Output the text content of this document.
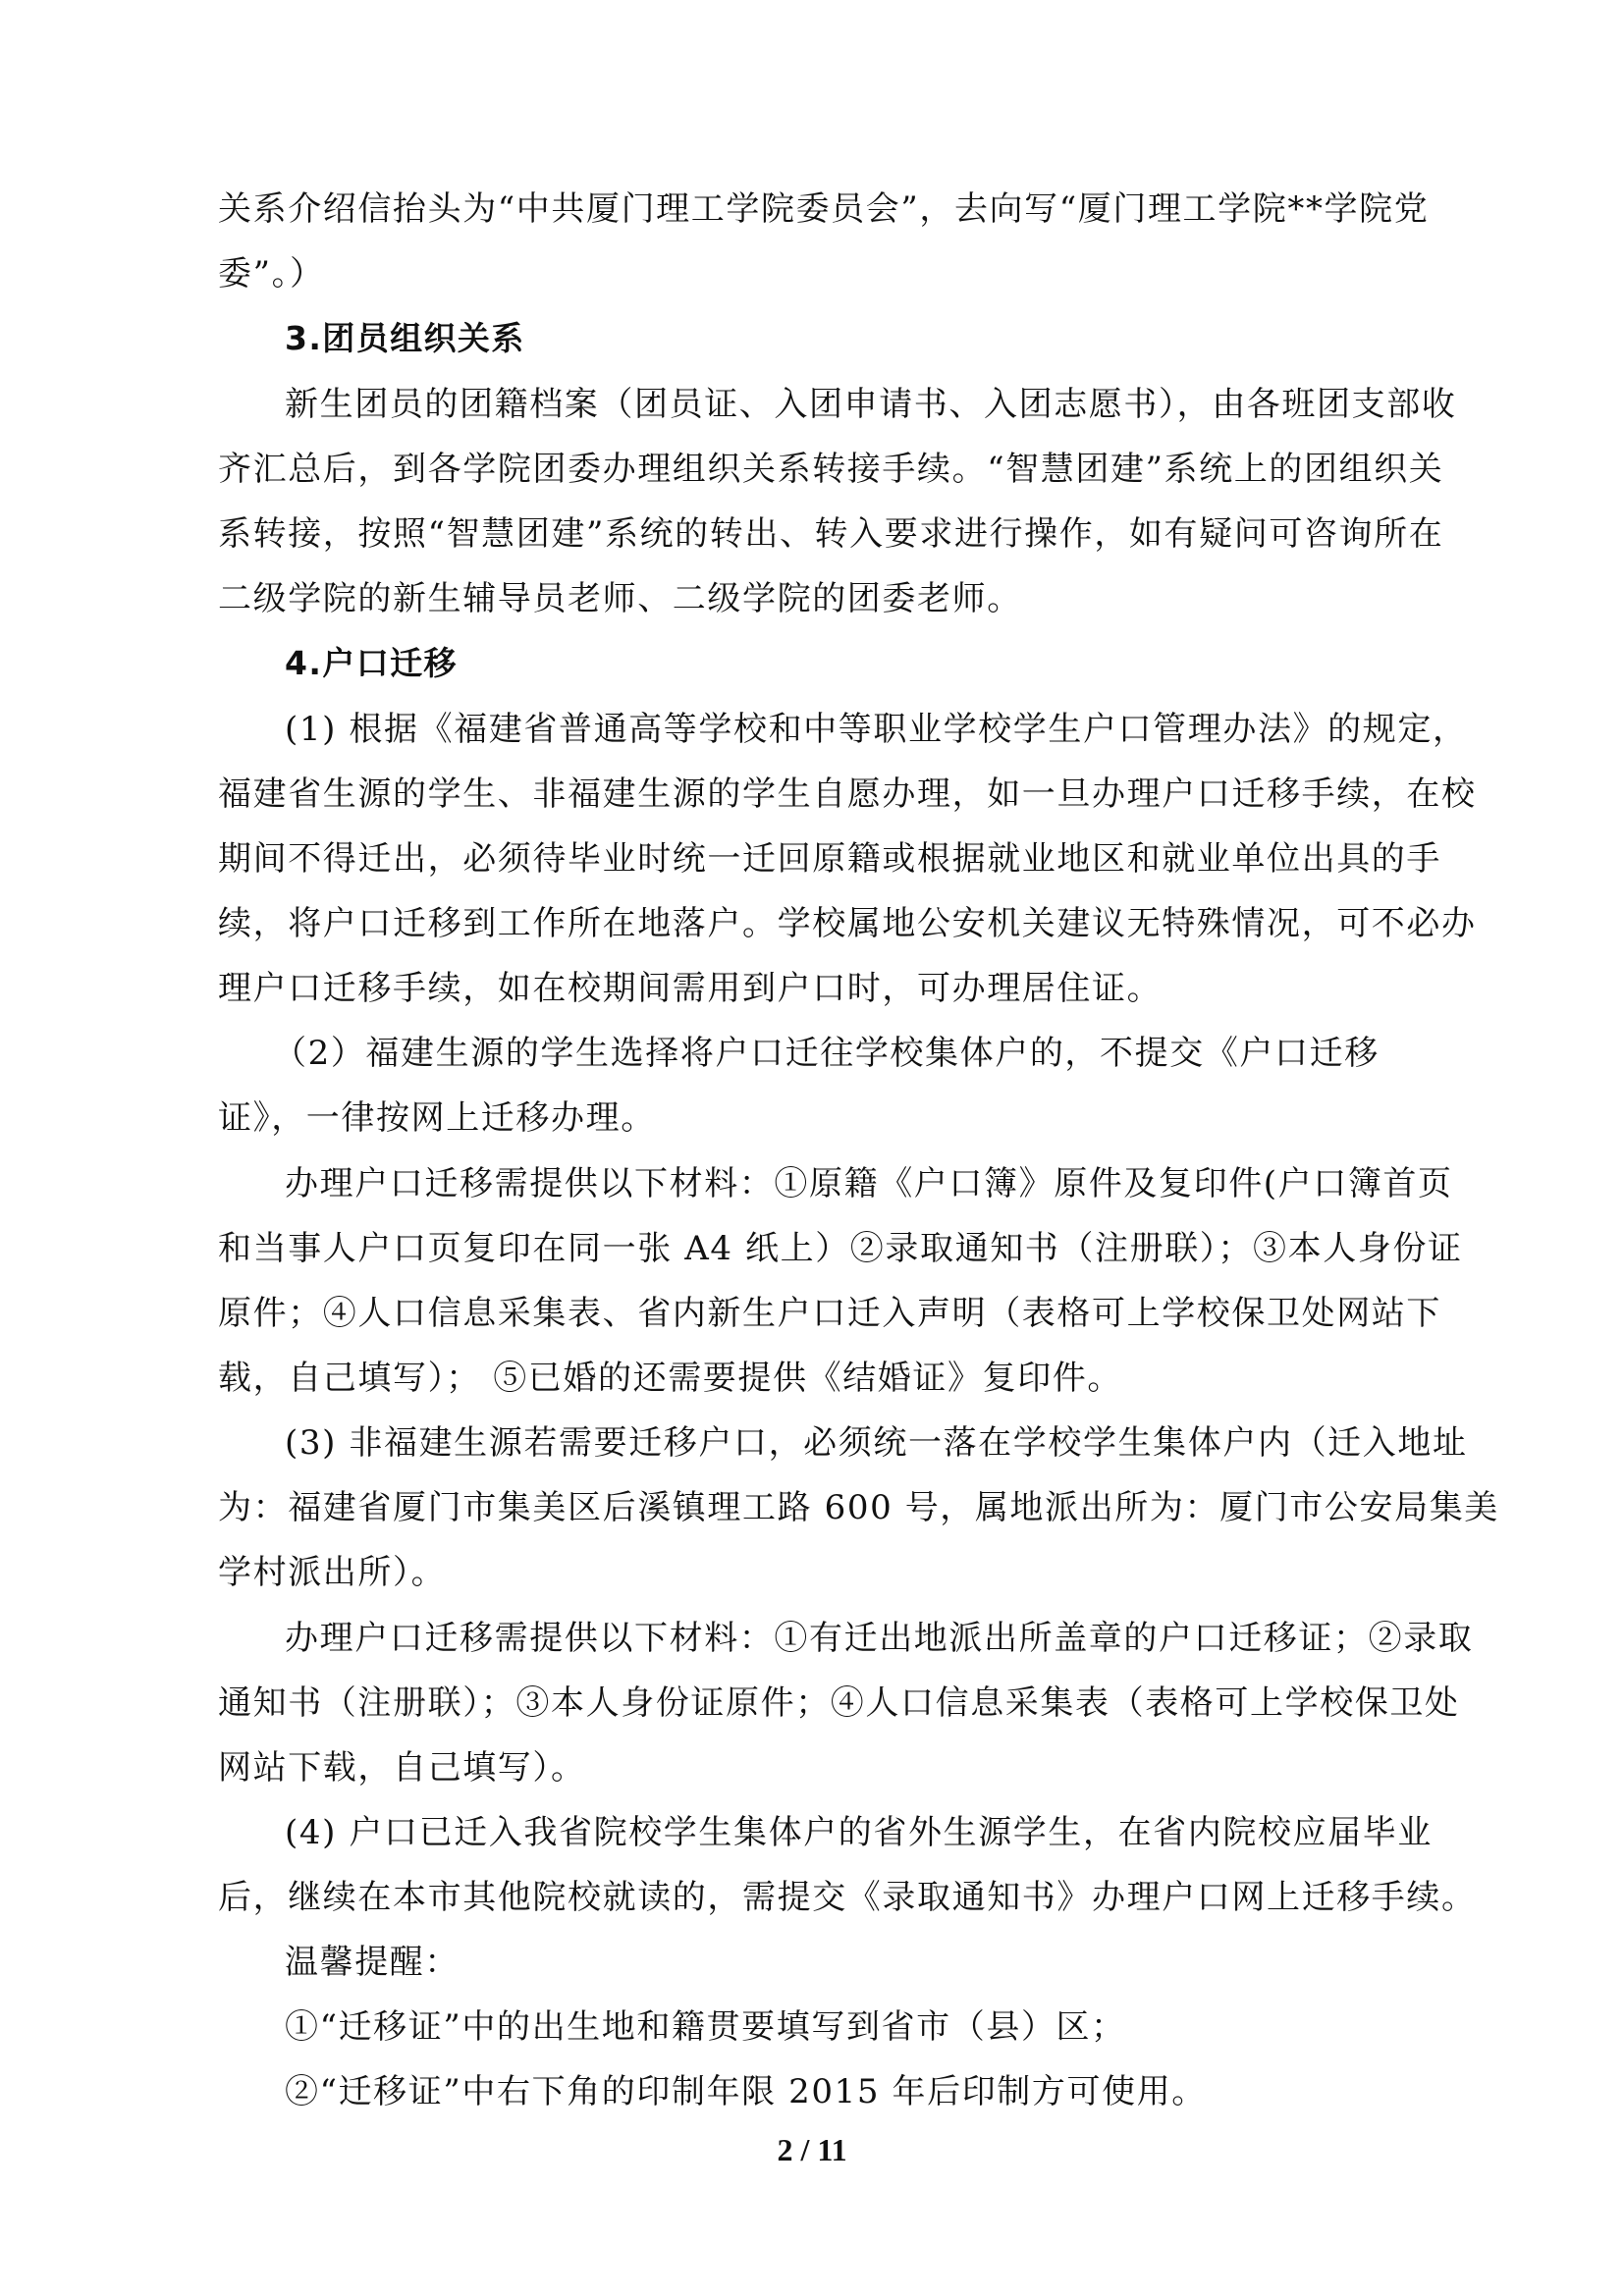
关系介绍信抬头为“中共厦门理工学院委员会”，去向写“厦门理工学院**学院党
委”。）
3.团员组织关系
新生团员的团籍档案（团员证、入团申请书、入团志愿书），由各班团支部收
齐汇总后，到各学院团委办理组织关系转接手续。“智慧团建”系统上的团组织关
系转接，按照“智慧团建”系统的转出、转入要求进行操作，如有疑问可咨询所在
二级学院的新生辅导员老师、二级学院的团委老师。
4.户口迁移
(1) 根据《福建省普通高等学校和中等职业学校学生户口管理办法》的规定，
福建省生源的学生、非福建生源的学生自愿办理，如一旦办理户口迁移手续，在校
期间不得迁出，必须待毕业时统一迁回原籍或根据就业地区和就业单位出具的手
续，将户口迁移到工作所在地落户。学校属地公安机关建议无特殊情况，可不必办
理户口迁移手续，如在校期间需用到户口时，可办理居住证。
（2）福建生源的学生选择将户口迁往学校集体户的，不提交《户口迁移
证》，一律按网上迁移办理。
办理户口迁移需提供以下材料：①原籍《户口簿》原件及复印件(户口簿首页
和当事人户口页复印在同一张 A4 纸上）②录取通知书（注册联）；③本人身份证
原件；④人口信息采集表、省内新生户口迁入声明（表格可上学校保卫处网站下
载，自己填写）； ⑤已婚的还需要提供《结婚证》复印件。
(3) 非福建生源若需要迁移户口，必须统一落在学校学生集体户内（迁入地址
为：福建省厦门市集美区后溪镇理工路 600 号，属地派出所为：厦门市公安局集美
学村派出所）。
办理户口迁移需提供以下材料：①有迁出地派出所盖章的户口迁移证；②录取
通知书（注册联）；③本人身份证原件；④人口信息采集表（表格可上学校保卫处
网站下载，自己填写）。
(4) 户口已迁入我省院校学生集体户的省外生源学生，在省内院校应届毕业
后，继续在本市其他院校就读的，需提交《录取通知书》办理户口网上迁移手续。
温馨提醒：
①“迁移证”中的出生地和籍贯要填写到省市（县）区；
②“迁移证”中右下角的印制年限 2015 年后印制方可使用。
2 / 11
